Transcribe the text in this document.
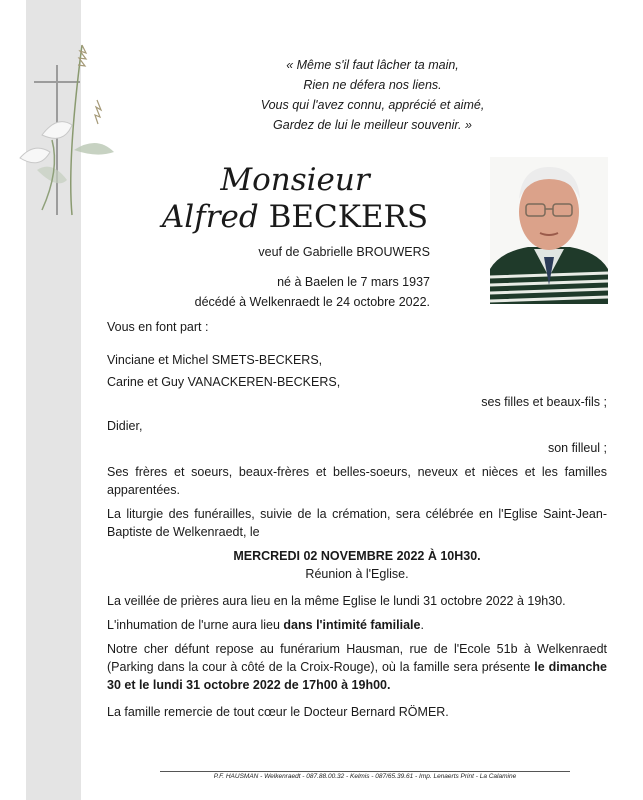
« Même s'il faut lâcher ta main,
Rien ne défera nos liens.
Vous qui l'avez connu, apprécié et aimé,
Gardez de lui le meilleur souvenir. »
Monsieur
Alfred BECKERS
veuf de Gabrielle BROUWERS
né à Baelen le 7 mars 1937
décédé à Welkenraedt le 24 octobre 2022.

Vous en font part :

Vinciane et Michel SMETS-BECKERS,

Carine et Guy VANACKEREN-BECKERS,

ses filles et beaux-fils ;

Didier,

son filleul ;

Ses frères et soeurs, beaux-frères et belles-soeurs, neveux et nièces et les familles apparentées.

La liturgie des funérailles, suivie de la crémation, sera célébrée en l'Eglise Saint-Jean-Baptiste de Welkenraedt, le

MERCREDI 02 NOVEMBRE 2022 À 10H30.

Réunion à l'Eglise.

La veillée de prières aura lieu en la même Eglise le lundi 31 octobre 2022 à 19h30.

L'inhumation de l'urne aura lieu dans l'intimité familiale.

Notre cher défunt repose au funérarium Hausman, rue de l'Ecole 51b à Welkenraedt (Parking dans la cour à côté de la Croix-Rouge), où la famille sera présente le dimanche 30 et le lundi 31 octobre 2022 de 17h00 à 19h00.

La famille remercie de tout cœur le Docteur Bernard RÖMER.

P.F. HAUSMAN - Welkenraedt - 087.88.00.32 - Kelmis - 087/65.39.61 - Imp. Lenaerts Print - La Calamine
